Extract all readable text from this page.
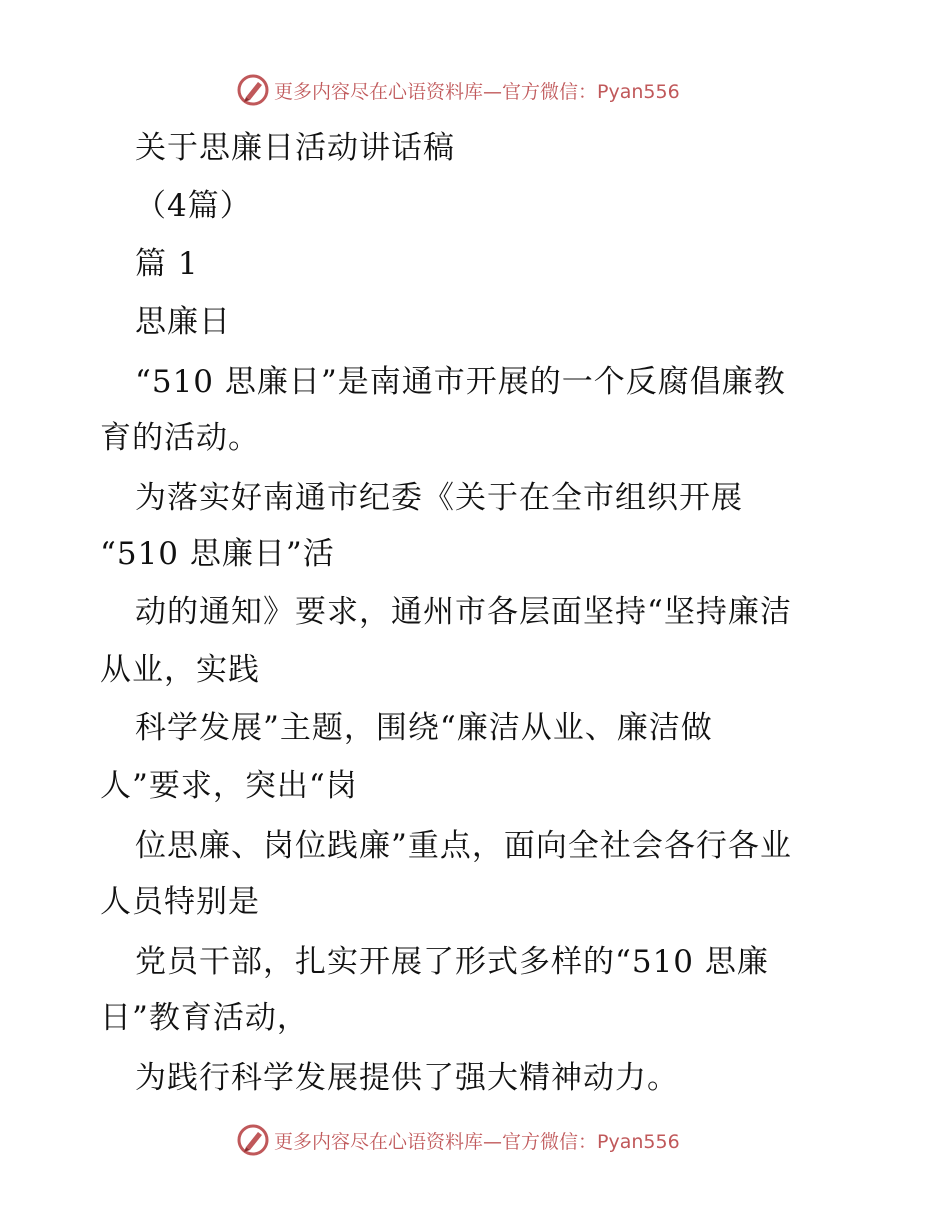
更多内容尽在心语资料库—官方微信：Pyan556
关于思廉日活动讲话稿
（4篇）
篇 1
思廉日
“510 思廉日”是南通市开展的一个反腐倡廉教
育的活动。
为落实好南通市纪委《关于在全市组织开展
“510 思廉日”活
动的通知》要求，通州市各层面坚持“坚持廉洁
从业，实践
科学发展”主题，围绕“廉洁从业、廉洁做
人”要求，突出“岗
位思廉、岗位践廉”重点，面向全社会各行各业
人员特别是
党员干部，扎实开展了形式多样的“510 思廉
日”教育活动，
为践行科学发展提供了强大精神动力。
更多内容尽在心语资料库—官方微信：Pyan556
